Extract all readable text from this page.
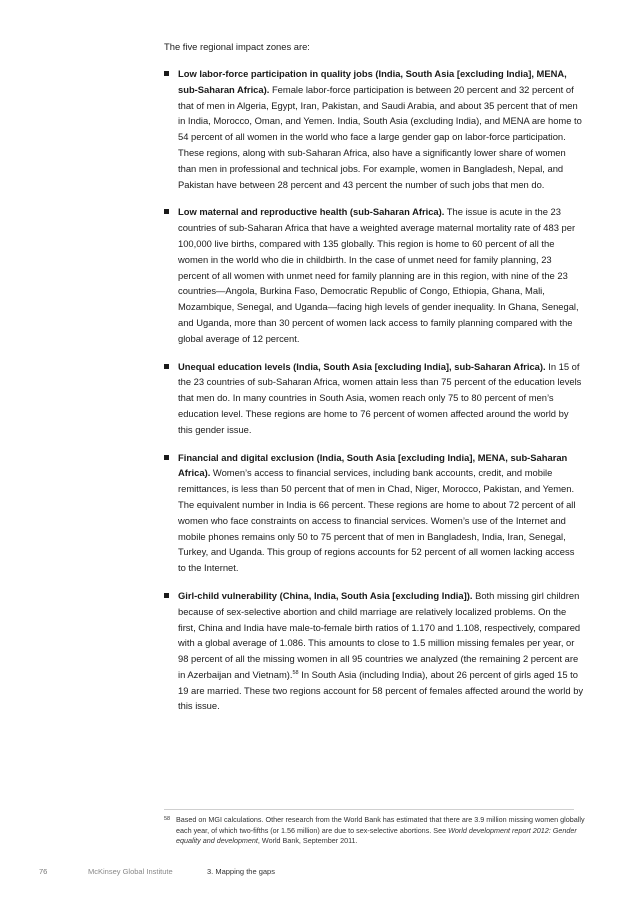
The five regional impact zones are:

Low labor-force participation in quality jobs (India, South Asia [excluding India], MENA, sub-Saharan Africa). Female labor-force participation is between 20 percent and 32 percent of that of men in Algeria, Egypt, Iran, Pakistan, and Saudi Arabia, and about 35 percent that of men in India, Morocco, Oman, and Yemen. India, South Asia (excluding India), and MENA are home to 54 percent of all women in the world who face a large gender gap on labor-force participation. These regions, along with sub-Saharan Africa, also have a significantly lower share of women than men in professional and technical jobs. For example, women in Bangladesh, Nepal, and Pakistan have between 28 percent and 43 percent the number of such jobs that men do.
Low maternal and reproductive health (sub-Saharan Africa). The issue is acute in the 23 countries of sub-Saharan Africa that have a weighted average maternal mortality rate of 483 per 100,000 live births, compared with 135 globally. This region is home to 60 percent of all the women in the world who die in childbirth. In the case of unmet need for family planning, 23 percent of all women with unmet need for family planning are in this region, with nine of the 23 countries—Angola, Burkina Faso, Democratic Republic of Congo, Ethiopia, Ghana, Mali, Mozambique, Senegal, and Uganda—facing high levels of gender inequality. In Ghana, Senegal, and Uganda, more than 30 percent of women lack access to family planning compared with the global average of 12 percent.
Unequal education levels (India, South Asia [excluding India], sub-Saharan Africa). In 15 of the 23 countries of sub-Saharan Africa, women attain less than 75 percent of the education levels that men do. In many countries in South Asia, women reach only 75 to 80 percent of men’s education level. These regions are home to 76 percent of women affected around the world by this gender issue.
Financial and digital exclusion (India, South Asia [excluding India], MENA, sub-Saharan Africa). Women’s access to financial services, including bank accounts, credit, and mobile remittances, is less than 50 percent that of men in Chad, Niger, Morocco, Pakistan, and Yemen. The equivalent number in India is 66 percent. These regions are home to about 72 percent of all women who face constraints on access to financial services. Women’s use of the Internet and mobile phones remains only 50 to 75 percent that of men in Bangladesh, India, Iran, Senegal, Turkey, and Uganda. This group of regions accounts for 52 percent of all women lacking access to the Internet.
Girl-child vulnerability (China, India, South Asia [excluding India]). Both missing girl children because of sex-selective abortion and child marriage are relatively localized problems. On the first, China and India have male-to-female birth ratios of 1.170 and 1.108, respectively, compared with a global average of 1.086. This amounts to close to 1.5 million missing females per year, or 98 percent of all the missing women in all 95 countries we analyzed (the remaining 2 percent are in Azerbaijan and Vietnam).$^{58}$ In South Asia (including India), about 26 percent of girls aged 15 to 19 are married. These two regions account for 58 percent of females affected around the world by this issue.

58 Based on MGI calculations. Other research from the World Bank has estimated that there are 3.9 million missing women globally each year, of which two-fifths (or 1.56 million) are due to sex-selective abortions. See World development report 2012: Gender equality and development, World Bank, September 2011.

76	McKinsey Global Institute	3. Mapping the gaps
